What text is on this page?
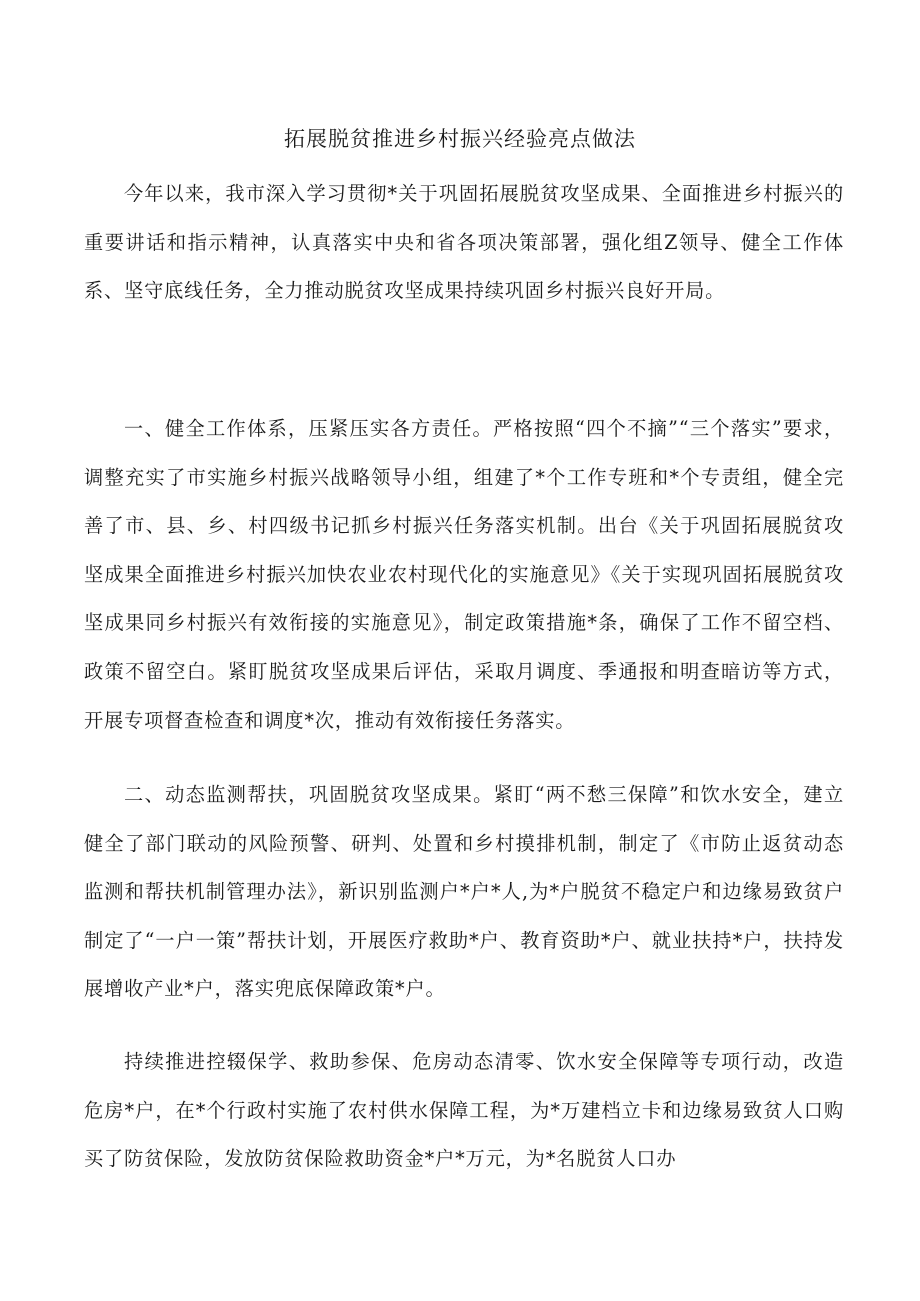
拓展脱贫推进乡村振兴经验亮点做法

今年以来，我市深入学习贯彻*关于巩固拓展脱贫攻坚成果、全面推进乡村振兴的重要讲话和指示精神，认真落实中央和省各项决策部署，强化组Z领导、健全工作体系、坚守底线任务，全力推动脱贫攻坚成果持续巩固乡村振兴良好开局。

一、健全工作体系，压紧压实各方责任。严格按照“四个不摘”“三个落实”要求，调整充实了市实施乡村振兴战略领导小组，组建了*个工作专班和*个专责组，健全完善了市、县、乡、村四级书记抓乡村振兴任务落实机制。出台《关于巩固拓展脱贫攻坚成果全面推进乡村振兴加快农业农村现代化的实施意见》《关于实现巩固拓展脱贫攻坚成果同乡村振兴有效衔接的实施意见》，制定政策措施*条，确保了工作不留空档、政策不留空白。紧盯脱贫攻坚成果后评估，采取月调度、季通报和明查暗访等方式，开展专项督查检查和调度*次，推动有效衔接任务落实。

二、动态监测帮扶，巩固脱贫攻坚成果。紧盯“两不愁三保障”和饮水安全，建立健全了部门联动的风险预警、研判、处置和乡村摸排机制，制定了《市防止返贫动态监测和帮扶机制管理办法》，新识别监测户*户*人,为*户脱贫不稳定户和边缘易致贫户制定了“一户一策”帮扶计划，开展医疗救助*户、教育资助*户、就业扶持*户，扶持发展增收产业*户，落实兜底保障政策*户。

持续推进控辍保学、救助参保、危房动态清零、饮水安全保障等专项行动，改造危房*户，在*个行政村实施了农村供水保障工程，为*万建档立卡和边缘易致贫人口购买了防贫保险，发放防贫保险救助资金*户*万元，为*名脱贫人口办
